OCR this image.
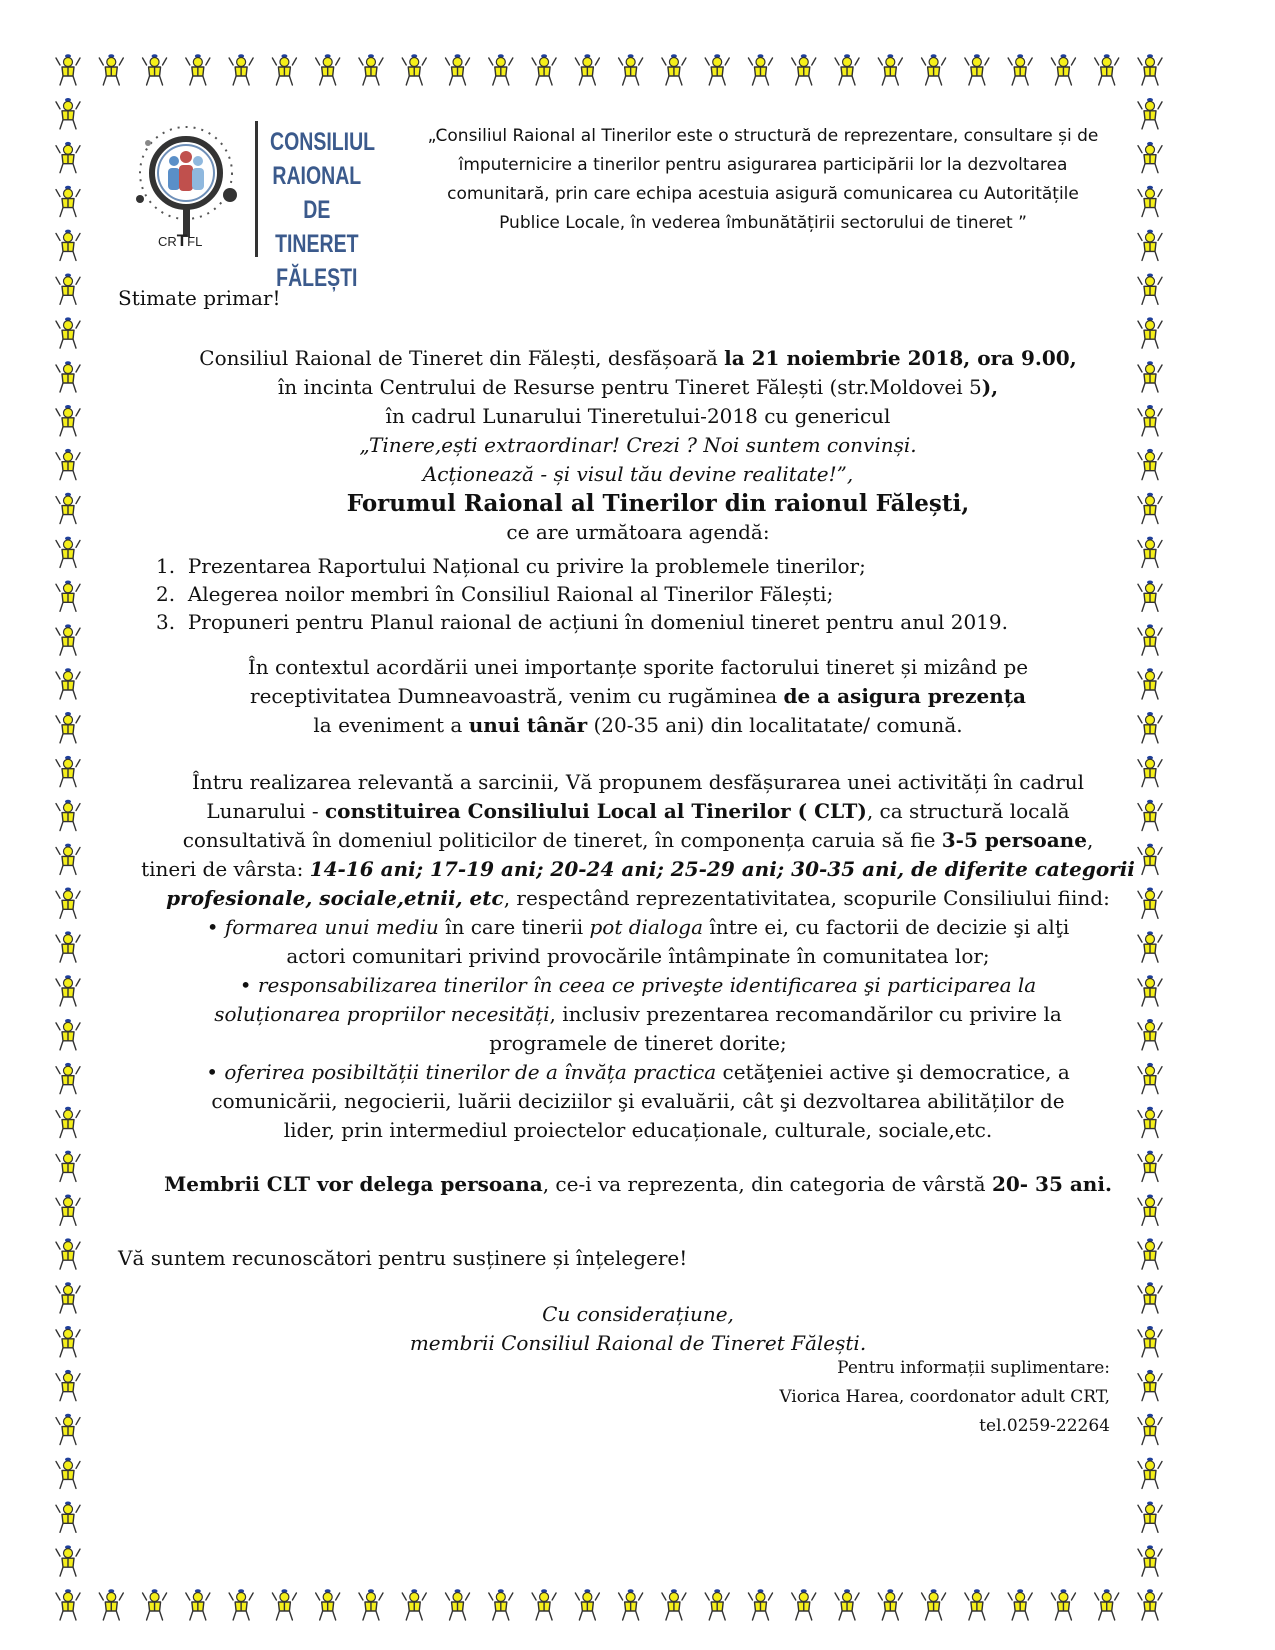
CRTFL
CONSILIUL
RAIONAL
DE TINERET
FĂLEȘTI
„Consiliul Raional al Tinerilor este o structură de reprezentare, consultare și de împuternicire a tinerilor pentru asigurarea participării lor la dezvoltarea comunitară, prin care echipa acestuia asigură comunicarea cu Autoritățile Publice Locale, în vederea îmbunătățirii sectorului de tineret ”
Stimate primar!
Consiliul Raional de Tineret din Fălești, desfășoară la 21 noiembrie 2018, ora 9.00,
în incinta Centrului de Resurse pentru Tineret Fălești (str.Moldovei 5),
în cadrul Lunarului Tineretului-2018 cu genericul
„Tinere,ești extraordinar! Crezi ? Noi suntem convinși.
Acționează - și visul tău devine realitate!”,
Forumul Raional al Tinerilor din raionul Fălești,
ce are următoara agendă:
1. Prezentarea Raportului Național cu privire la problemele tinerilor;
2. Alegerea noilor membri în Consiliul Raional al Tinerilor Fălești;
3. Propuneri pentru Planul raional de acțiuni în domeniul tineret pentru anul 2019.
În contextul acordării unei importanțe sporite factorului tineret și mizând pe
receptivitatea Dumneavoastră, venim cu rugăminea de a asigura prezența
la eveniment a unui tânăr (20-35 ani) din localitatate/ comună.
Întru realizarea relevantă a sarcinii, Vă propunem desfășurarea unei activități în cadrul
Lunarului - constituirea Consiliului Local al Tinerilor ( CLT), ca structură locală
consultativă în domeniul politicilor de tineret, în componența caruia să fie 3-5 persoane,
tineri de vârsta: 14-16 ani; 17-19 ani; 20-24 ani; 25-29 ani; 30-35 ani, de diferite categorii
profesionale, sociale,etnii, etc, respectând reprezentativitatea, scopurile Consiliului fiind:
• formarea unui mediu în care tinerii pot dialoga între ei, cu factorii de decizie şi alţi
actori comunitari privind provocările întâmpinate în comunitatea lor;
• responsabilizarea tinerilor în ceea ce priveşte identificarea şi participarea la
soluționarea propriilor necesități, inclusiv prezentarea recomandărilor cu privire la
programele de tineret dorite;
• oferirea posibiltății tinerilor de a învăța practica cetăţeniei active şi democratice, a
comunicării, negocierii, luării deciziilor şi evaluării, cât şi dezvoltarea abilităților de
lider, prin intermediul proiectelor educaționale, culturale, sociale,etc.
Membrii CLT vor delega persoana, ce-i va reprezenta, din categoria de vârstă 20- 35 ani.
Vă suntem recunoscători pentru susținere și înțelegere!
Cu considerațiune,
membrii Consiliul Raional de Tineret Fălești.
Pentru informații suplimentare:
Viorica Harea, coordonator adult CRT,
tel.0259-22264
